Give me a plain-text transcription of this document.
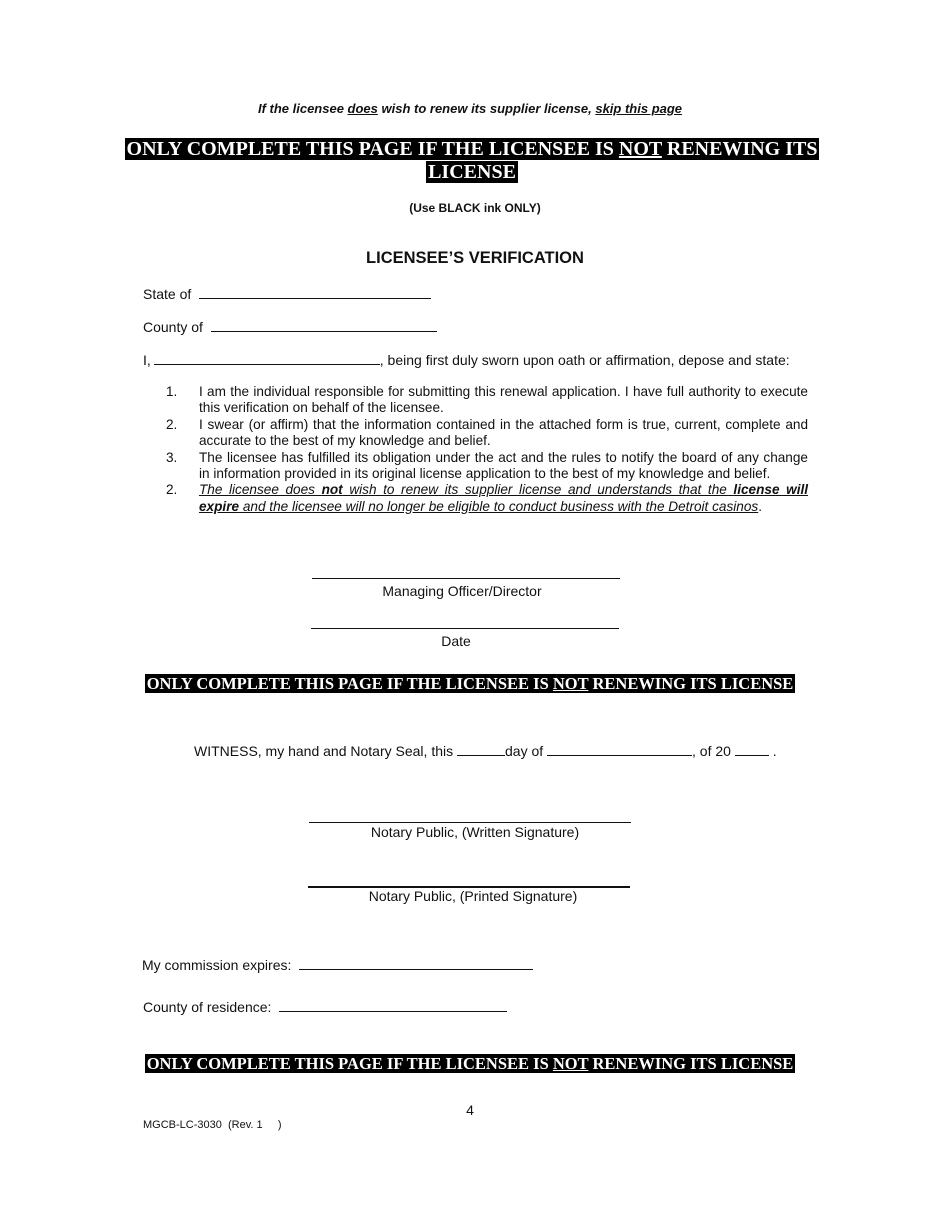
If the licensee does wish to renew its supplier license, skip this page
ONLY COMPLETE THIS PAGE IF THE LICENSEE IS NOT RENEWING ITS LICENSE
(Use BLACK ink ONLY)
LICENSEE’S VERIFICATION
State of
County of
I,	, being first duly sworn upon oath or affirmation, depose and state:
1.	I am the individual responsible for submitting this renewal application. I have full authority to execute this verification on behalf of the licensee.
2.	I swear (or affirm) that the information contained in the attached form is true, current, complete and accurate to the best of my knowledge and belief.
3.	The licensee has fulfilled its obligation under the act and the rules to notify the board of any change in information provided in its original license application to the best of my knowledge and belief.
2.	The licensee does not wish to renew its supplier license and understands that the license will expire and the licensee will no longer be eligible to conduct business with the Detroit casinos.
Managing Officer/Director
Date
ONLY COMPLETE THIS PAGE IF THE LICENSEE IS NOT RENEWING ITS LICENSE
WITNESS, my hand and Notary Seal, this	day of	, of 20  .
Notary Public, (Written Signature)
Notary Public, (Printed Signature)
My commission expires:
County of residence:
ONLY COMPLETE THIS PAGE IF THE LICENSEE IS NOT RENEWING ITS LICENSE
4
MGCB-LC-3030  (Rev. 1     )
